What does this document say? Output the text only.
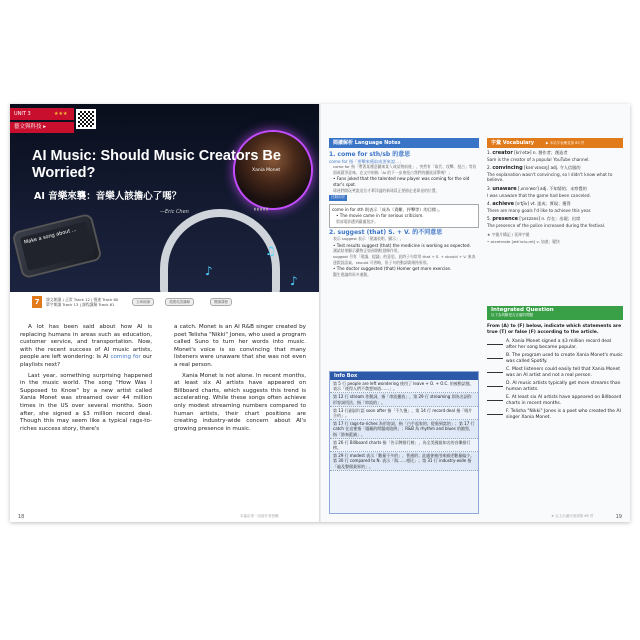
UNIT 3	★★★
藝文與科技 ▸
Xania Monet
▮ ▮ ▮ ▮ ▮
♪
♫
♪
Make a song about ...
AI Music: Should Music Creators Be Worried?
AI 音樂來襲：音樂人該擔心了嗎？
—Eric Chen
7	課文朗讀 ) 正常 Track 12 | 慢速 Track 60
單字朗讀 Track 13 | 課程講解 Track 61	文章朗讀	美國英語講解	閱讀課程

A lot has been said about how AI is replacing humans in areas such as education, customer service, and transportation. Now, with the recent success of AI music artists, people are left wondering: Is AI coming for our playlists next?

Last year, something surprising happened in the music world. The song "How Was I Supposed to Know" by a new artist called Xania Monet was streamed over 44 million times in the US over several months. Soon after, she signed a $3 million record deal. Though this may seem like a typical rags-to-riches success story, there's

a catch. Monet is an AI R&B singer created by poet Telisha "Nikki" Jones, who used a program called Suno to turn her words into music. Monet's voice is so convincing that many listeners were unaware that she was not even a real person.

Xania Monet is not alone. In recent months, at least six AI artists have appeared on Billboard charts, which suggests this trend is accelerating. While these songs often achieve only modest streaming numbers compared to human artists, their chart positions are creating industry-wide concern about AI's growing presence in music.

18	本篇由第一詞曲作者授權
閱讀解析 Language Notes
1. come for sth/sb 的意思
come for 指「要擊來獲取或要來說…」
come for 指「帶著某種意圖來某人或某物前進」，突然有「取代、攻擊、侵占」等負面或競爭意味，在文中則指「AI 的下一步會侵占我們的播放清單嗎？」
• Fans joked that the talented new player was coming for the old star's spot.
球迷們開玩笑說這位才華洋溢的新球員正要搶走老球星的位置。
比較用法
come in for sth 則表示「成為（責難、抨擊等）的目標」。
• The movie came in for serious criticism.
那部電影遭到嚴厲批評。
2. suggest (that) S. + V. 的不同意思
表示 suggest 表示「建議表明、顯示」。
• Test results suggest (that) the medicine is working as expected.
測試結果顯示藥物正如預期般發揮作用。
suggest 另有「建議、提議」的意思，此時子句常用 that + S. + should + V. 來表達假設語氣，should 可省略，但子句的動詞需維持原形。
• The doctor suggested (that) Homer get more exercise.
醫生建議荷馬多運動。
Info Box
第 5 行 people are left wondering 使用了 leave + O. + O.C. 的被動語態，表示「使得人們不禁想知道……」。
第 12 行 stream 作動詞，指「串流播放」，第 29 行 streaming 則為名詞作形容詞用法，指「串流的」。
第 13 行副詞片語 soon after 指「不久後」，第 14 行 record deal 指「唱片合約」。
第 17 行 rags-to-riches 為形容詞，指「白手起家的；從窮到富的」；第 17 行 catch 在這裡指「隱藏的問題或陷阱」；R&B 為 rhythm and blues 的縮寫，指「節奏藍調」。
第 26 行 Billboard charts 指「告示牌排行榜」，為全美國最知名的音樂排行榜。
第 29 行 modest 表示「數量不多的」，普通的；此處會被用來描述數量偏少。第 30 行 compared to N. 表示「與……相比」；第 31 行 industry-wide 指「遍及整個業界的」。
字彙 Vocabulary	▶ 本站字表參見第 83 頁
1. creator [kriˈetɚ] n. 創作者；創造者
Sam is the creator of a popular YouTube channel.
2. convincing [kənˈvɪnsɪŋ] adj. 令人信服的
The explanation wasn't convincing, so I didn't know what to believe.
3. unaware [ˌʌnəˈwɛr] adj. 不知情的；未察覺的
I was unaware that the game had been canceled.
4. achieve [əˈtʃiv] vt. 達成；實現；獲得
There are many goals I'd like to achieve this year.
5. presence [ˈprɛzəns] n. 存在；出現；出席
The presence of the police increased during the festival.
★ 字彙片構記 / 延伸字彙
• accelerate [ækˈsɛləˌret] v. 加速；變快
Integrated Question
以下為判斷是否正確的問題
From (A) to (F) below, indicate which statements are true (T) or false (F) according to the article.
A. Xania Monet signed a $3 million record deal after her song became popular.
B. The program used to create Xania Monet's music was called Spotify.
C. Most listeners could easily tell that Xania Monet was an AI artist and not a real person.
D. AI music artists typically get more streams than human artists.
E. At least six AI artists have appeared on Billboard charts in recent months.
F. Telisha "Nikki" Jones is a poet who created the AI singer Xania Monet.
19
★ 以上出處可查詢第 65 頁
